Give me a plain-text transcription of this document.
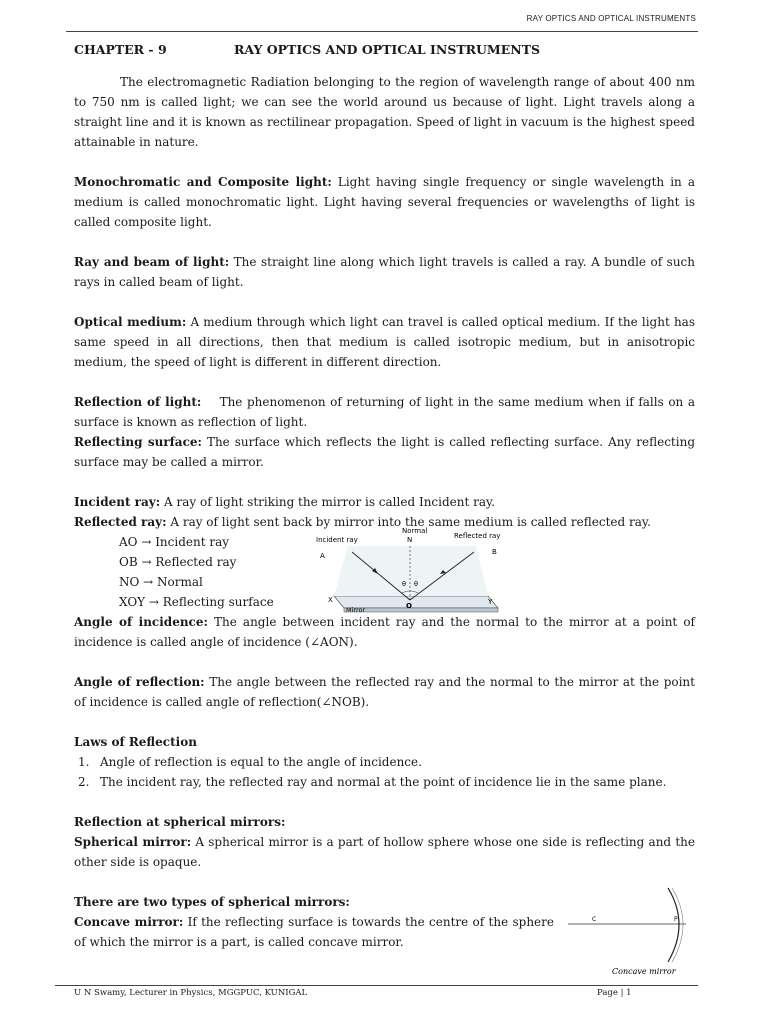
RAY OPTICS AND OPTICAL INSTRUMENTS
CHAPTER - 9	RAY OPTICS AND OPTICAL INSTRUMENTS

The electromagnetic Radiation belonging to the region of wavelength range of about 400 nm to 750 nm is called light; we can see the world around us because of light. Light travels along a straight line and it is known as rectilinear propagation. Speed of light in vacuum is the highest speed attainable in nature.

Monochromatic and Composite light: Light having single frequency or single wavelength in a medium is called monochromatic light. Light having several frequencies or wavelengths of light is called composite light.

Ray and beam of light: The straight line along which light travels is called a ray. A bundle of such rays in called beam of light.

Optical medium: A medium through which light can travel is called optical medium. If the light has same speed in all directions, then that medium is called isotropic medium, but in anisotropic medium, the speed of light is different in different direction.

Reflection of light:    The phenomenon of returning of light in the same medium when if falls on a surface is known as reflection of light.

Reflecting surface: The surface which reflects the light is called reflecting surface. Any reflecting surface may be called a mirror.

Incident ray: A ray of light striking the mirror is called Incident ray.

Reflected ray: A ray of light sent back by mirror into the same medium is called reflected ray.

AO → Incident ray
OB → Reflected ray
NO → Normal
XOY → Reflecting surface
Normal
N
Incident ray	Reflected ray
A	B
θ θ
X	Y
O
Mirror

Angle of incidence: The angle between incident ray and the normal to the mirror at a point of incidence is called angle of incidence (∠AON).

Angle of reflection: The angle between the reflected ray and the normal to the mirror at the point of incidence is called angle of reflection(∠NOB).

Laws of Reflection

1. Angle of reflection is equal to the angle of incidence.
2. The incident ray, the reflected ray and normal at the point of incidence lie in the same plane.

Reflection at spherical mirrors:

Spherical mirror: A spherical mirror is a part of hollow sphere whose one side is reflecting and the other side is opaque.

There are two types of spherical mirrors:

Concave mirror: If the reflecting surface is towards the centre of the sphere of which the mirror is a part, is called concave mirror.

C	P
Concave mirror
U N Swamy, Lecturer in Physics, MGGPUC, KUNIGAL	Page | 1
